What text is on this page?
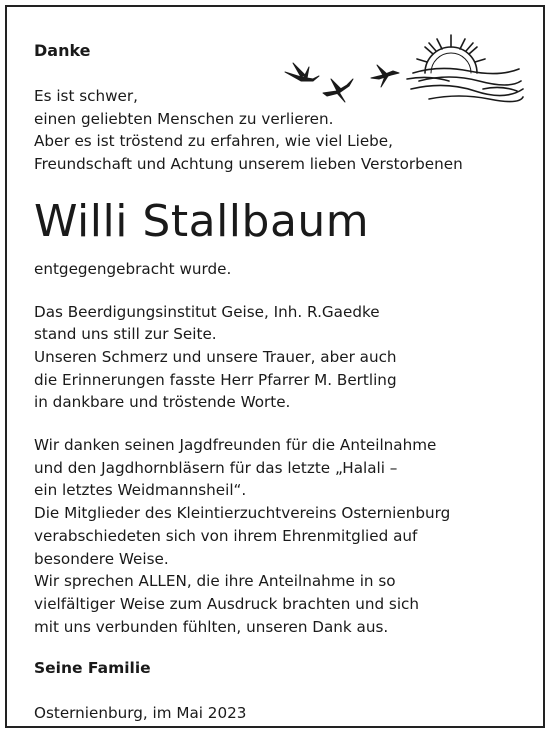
Danke

Es ist schwer,
einen geliebten Menschen zu verlieren.
Aber es ist tröstend zu erfahren, wie viel Liebe,
Freundschaft und Achtung unserem lieben Verstorbenen

Willi Stallbaum

entgegengebracht wurde.

Das Beerdigungsinstitut Geise, Inh. R.Gaedke
stand uns still zur Seite.
Unseren Schmerz und unsere Trauer, aber auch
die Erinnerungen fasste Herr Pfarrer M. Bertling
in dankbare und tröstende Worte.

Wir danken seinen Jagdfreunden für die Anteilnahme
und den Jagdhornbläsern für das letzte „Halali –
ein letztes Weidmannsheil“.
Die Mitglieder des Kleintierzuchtvereins Osternienburg
verabschiedeten sich von ihrem Ehrenmitglied auf
besondere Weise.
Wir sprechen ALLEN, die ihre Anteilnahme in so
vielfältiger Weise zum Ausdruck brachten und sich
mit uns verbunden fühlten, unseren Dank aus.

Seine Familie

Osternienburg, im Mai 2023
